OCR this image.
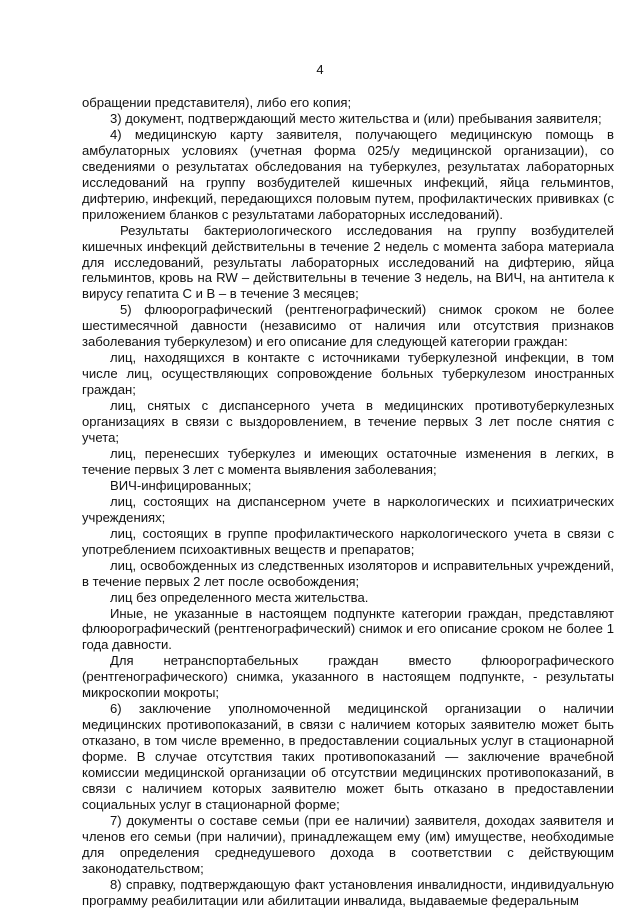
4

обращении представителя), либо его копия;

3) документ, подтверждающий место жительства и (или) пребывания заявителя;

4) медицинскую карту заявителя, получающего медицинскую помощь в амбулаторных условиях (учетная форма 025/у медицинской организации), со сведениями о результатах обследования на туберкулез, результатах лабораторных исследований на группу возбудителей кишечных инфекций, яйца гельминтов, дифтерию, инфекций, передающихся половым путем, профилактических прививках (с приложением бланков с результатами лабораторных исследований).

Результаты бактериологического исследования на группу возбудителей кишечных инфекций действительны в течение 2 недель с момента забора материала для исследований, результаты лабораторных исследований на дифтерию, яйца гельминтов, кровь на RW – действительны в течение 3 недель, на ВИЧ, на антитела к вирусу гепатита С и В – в течение 3 месяцев;

5) флюорографический (рентгенографический) снимок сроком не более шестимесячной давности (независимо от наличия или отсутствия признаков заболевания туберкулезом) и его описание для следующей категории граждан:

лиц, находящихся в контакте с источниками туберкулезной инфекции, в том числе лиц, осуществляющих сопровождение больных туберкулезом иностранных граждан;

лиц, снятых с диспансерного учета в медицинских противотуберкулезных организациях в связи с выздоровлением, в течение первых 3 лет после снятия с учета;

лиц, перенесших туберкулез и имеющих остаточные изменения в легких, в течение первых 3 лет с момента выявления заболевания;

ВИЧ-инфицированных;

лиц, состоящих на диспансерном учете в наркологических и психиатрических учреждениях;

лиц, состоящих в группе профилактического наркологического учета в связи с употреблением психоактивных веществ и препаратов;

лиц, освобожденных из следственных изоляторов и исправительных учреждений, в течение первых 2 лет после освобождения;

лиц без определенного места жительства.

Иные, не указанные в настоящем подпункте категории граждан, представляют флюорографический (рентгенографический) снимок и его описание сроком не более 1 года давности.

Для нетранспортабельных граждан вместо флюорографического (рентгенографического) снимка, указанного в настоящем подпункте, - результаты микроскопии мокроты;

6) заключение уполномоченной медицинской организации о наличии медицинских противопоказаний, в связи с наличием которых заявителю может быть отказано, в том числе временно, в предоставлении социальных услуг в стационарной форме. В случае отсутствия таких противопоказаний — заключение врачебной комиссии медицинской организации об отсутствии медицинских противопоказаний, в связи с наличием которых заявителю может быть отказано в предоставлении социальных услуг в стационарной форме;

7) документы о составе семьи (при ее наличии) заявителя, доходах заявителя и членов его семьи (при наличии), принадлежащем ему (им) имуществе, необходимые для определения среднедушевого дохода в соответствии с действующим законодательством;

8) справку, подтверждающую факт установления инвалидности, индивидуальную программу реабилитации или абилитации инвалида, выдаваемые федеральным
